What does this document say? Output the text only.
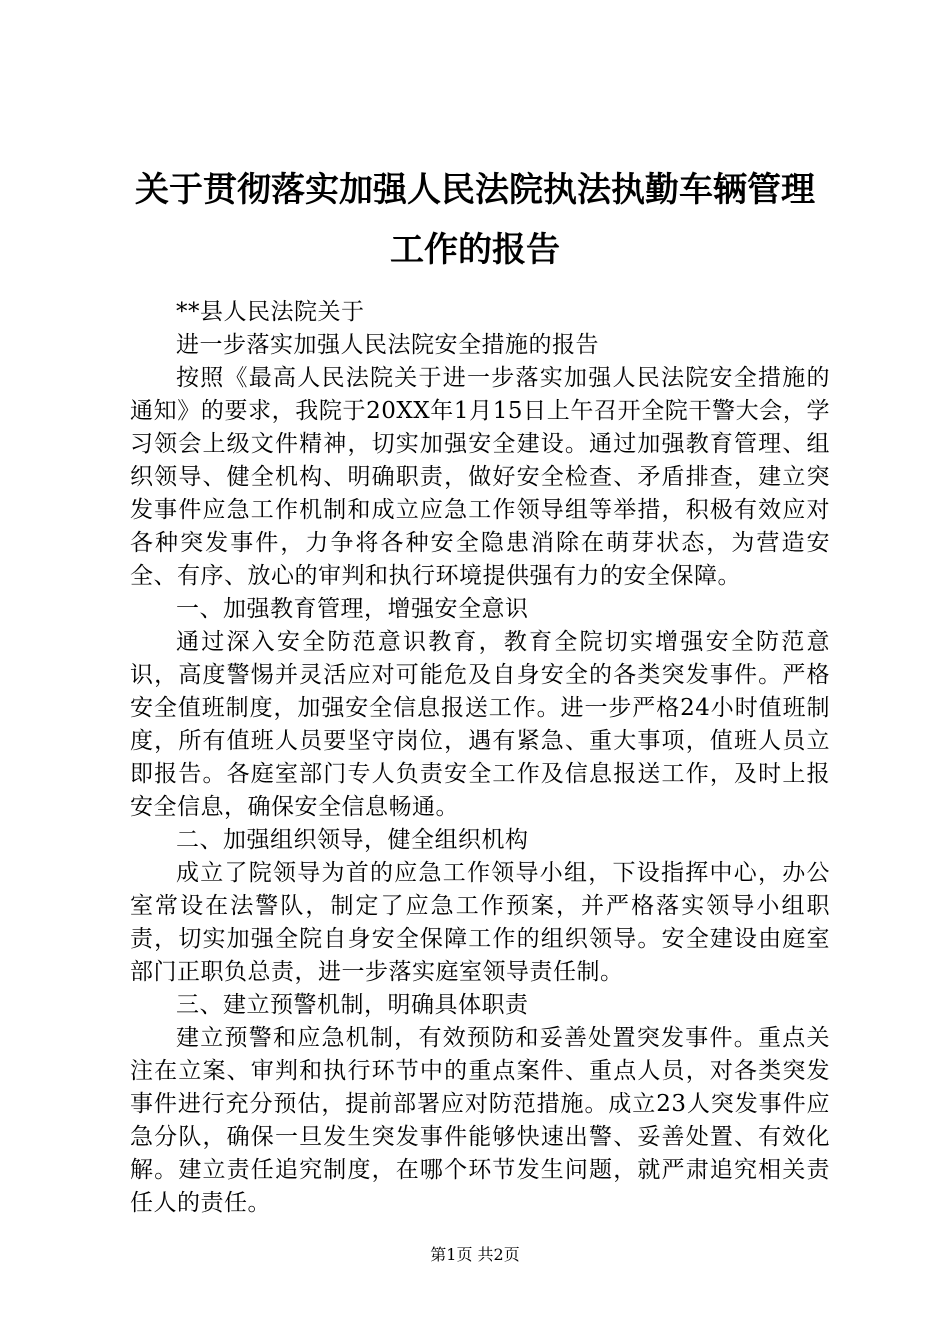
关于贯彻落实加强人民法院执法执勤车辆管理
工作的报告

**县人民法院关于

进一步落实加强人民法院安全措施的报告

按照《最高人民法院关于进一步落实加强人民法院安全措施的通知》的要求，我院于20XX年1月15日上午召开全院干警大会，学习领会上级文件精神，切实加强安全建设。通过加强教育管理、组织领导、健全机构、明确职责，做好安全检查、矛盾排查，建立突发事件应急工作机制和成立应急工作领导组等举措，积极有效应对各种突发事件，力争将各种安全隐患消除在萌芽状态，为营造安全、有序、放心的审判和执行环境提供强有力的安全保障。

一、加强教育管理，增强安全意识

通过深入安全防范意识教育，教育全院切实增强安全防范意识，高度警惕并灵活应对可能危及自身安全的各类突发事件。严格安全值班制度，加强安全信息报送工作。进一步严格24小时值班制度，所有值班人员要坚守岗位，遇有紧急、重大事项，值班人员立即报告。各庭室部门专人负责安全工作及信息报送工作，及时上报安全信息，确保安全信息畅通。

二、加强组织领导，健全组织机构

成立了院领导为首的应急工作领导小组，下设指挥中心，办公室常设在法警队，制定了应急工作预案，并严格落实领导小组职责，切实加强全院自身安全保障工作的组织领导。安全建设由庭室部门正职负总责，进一步落实庭室领导责任制。

三、建立预警机制，明确具体职责

建立预警和应急机制，有效预防和妥善处置突发事件。重点关注在立案、审判和执行环节中的重点案件、重点人员，对各类突发事件进行充分预估，提前部署应对防范措施。成立23人突发事件应急分队，确保一旦发生突发事件能够快速出警、妥善处置、有效化解。建立责任追究制度，在哪个环节发生问题，就严肃追究相关责任人的责任。

第1页 共2页
